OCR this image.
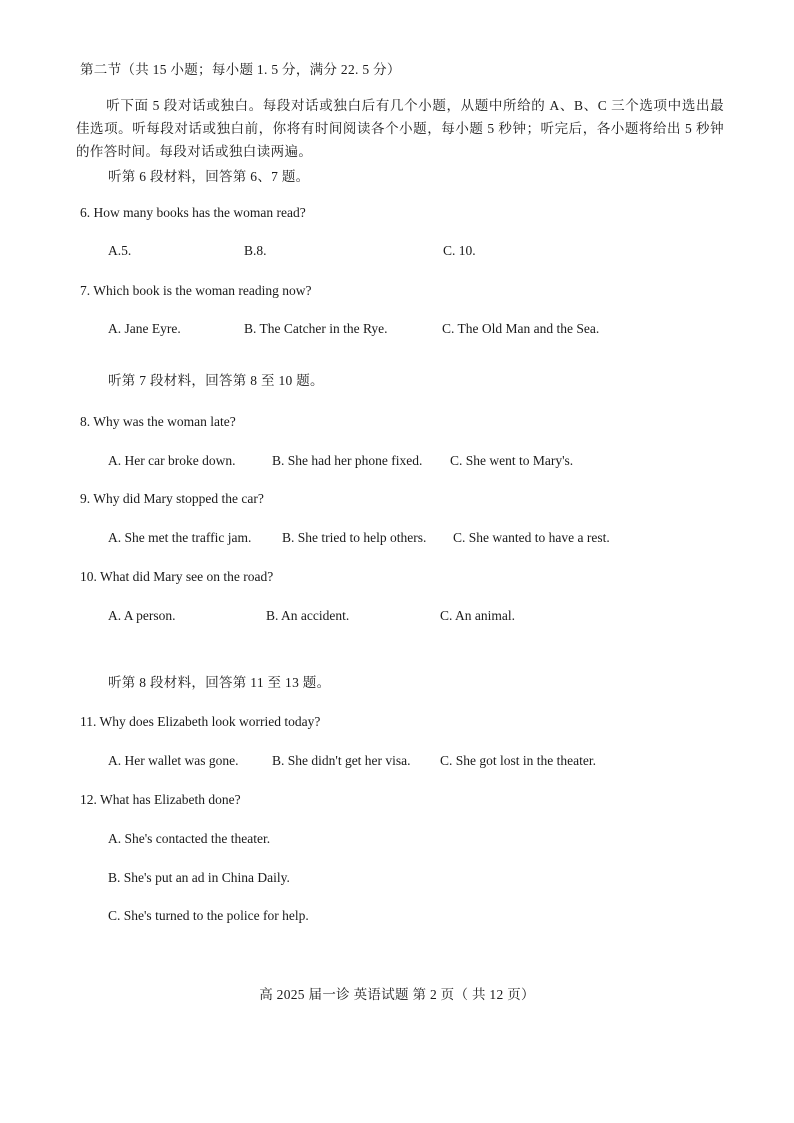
第二节（共 15 小题；每小题 1. 5 分，满分 22. 5 分）
听下面 5 段对话或独白。每段对话或独白后有几个小题，从题中所给的 A、B、C 三个选项中选出最佳选项。听每段对话或独白前，你将有时间阅读各个小题，每小题 5 秒钟；听完后，各小题将给出 5 秒钟的作答时间。每段对话或独白读两遍。
听第 6 段材料，回答第 6、7 题。
6. How many books has the woman read?
A.5.	B.8.	C. 10.
7. Which book is the woman reading now?
A. Jane Eyre.	B. The Catcher in the Rye.	C. The Old Man and the Sea.
听第 7 段材料，回答第 8 至 10 题。
8. Why was the woman late?
A. Her car broke down.	B. She had her phone fixed. C. She went to Mary's.
9. Why did Mary stopped the car?
A. She met the traffic jam. B. She tried to help others. C. She wanted to have a rest.
10. What did Mary see on the road?
A. A person.	B. An accident.	C. An animal.
听第 8 段材料，回答第 11 至 13 题。
11. Why does Elizabeth look worried today?
A. Her wallet was gone. B. She didn't get her visa. C. She got lost in the theater.
12. What has Elizabeth done?
A. She's contacted the theater.
B. She's put an ad in China Daily.
C. She's turned to the police for help.
高 2025 届一诊 英语试题 第 2 页（ 共 12 页）
